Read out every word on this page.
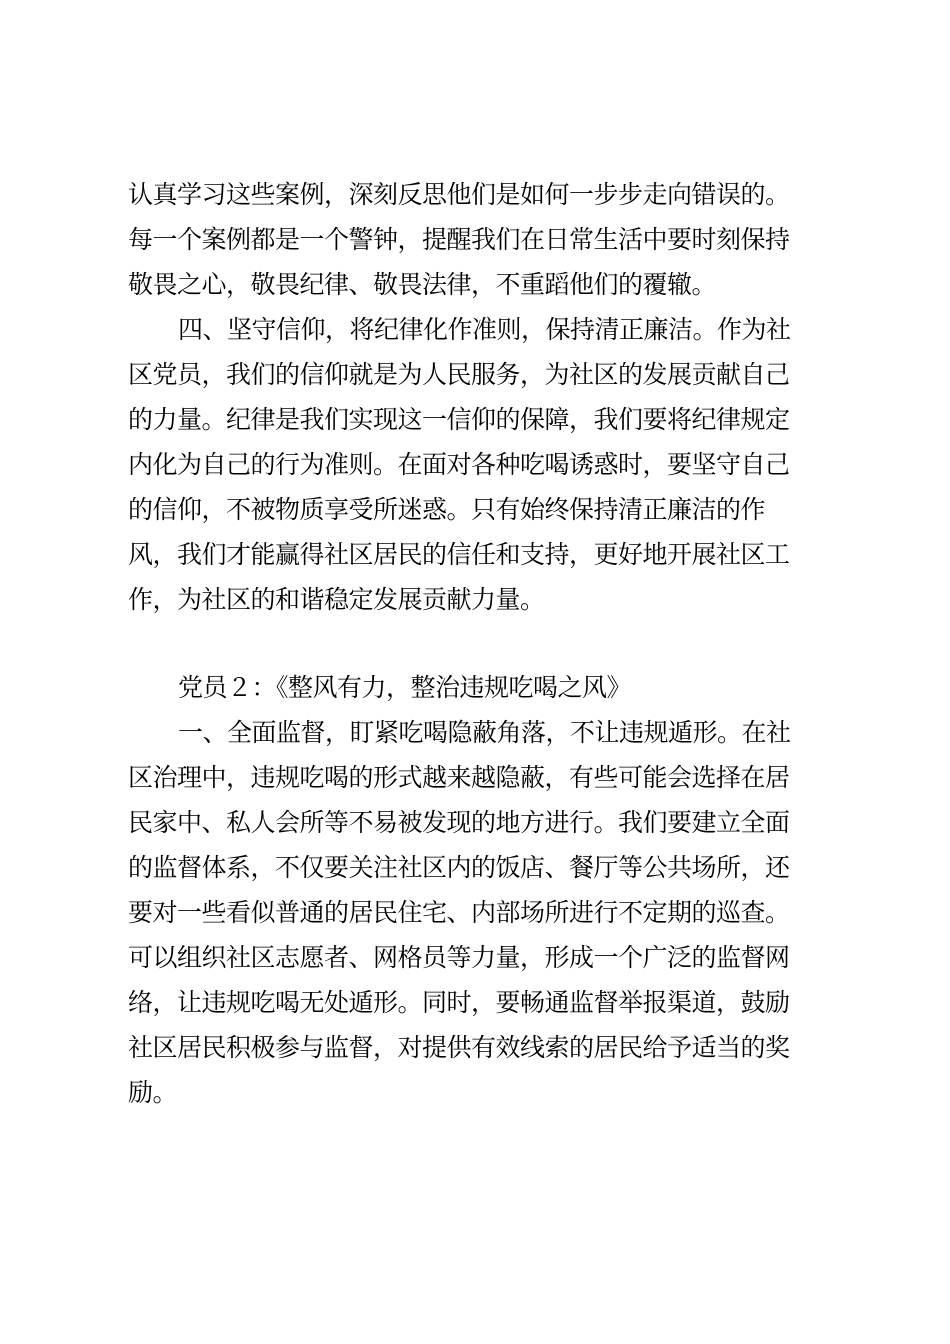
认真学习这些案例，深刻反思他们是如何一步步走向错误的。
每一个案例都是一个警钟，提醒我们在日常生活中要时刻保持
敬畏之心，敬畏纪律、敬畏法律，不重蹈他们的覆辙。
四、坚守信仰，将纪律化作准则，保持清正廉洁。作为社
区党员，我们的信仰就是为人民服务，为社区的发展贡献自己
的力量。纪律是我们实现这一信仰的保障，我们要将纪律规定
内化为自己的行为准则。在面对各种吃喝诱惑时，要坚守自己
的信仰，不被物质享受所迷惑。只有始终保持清正廉洁的作
风，我们才能赢得社区居民的信任和支持，更好地开展社区工
作，为社区的和谐稳定发展贡献力量。
党员２：《整风有力，整治违规吃喝之风》
一、全面监督，盯紧吃喝隐蔽角落，不让违规遁形。在社
区治理中，违规吃喝的形式越来越隐蔽，有些可能会选择在居
民家中、私人会所等不易被发现的地方进行。我们要建立全面
的监督体系，不仅要关注社区内的饭店、餐厅等公共场所，还
要对一些看似普通的居民住宅、内部场所进行不定期的巡查。
可以组织社区志愿者、网格员等力量，形成一个广泛的监督网
络，让违规吃喝无处遁形。同时，要畅通监督举报渠道，鼓励
社区居民积极参与监督，对提供有效线索的居民给予适当的奖
励。
